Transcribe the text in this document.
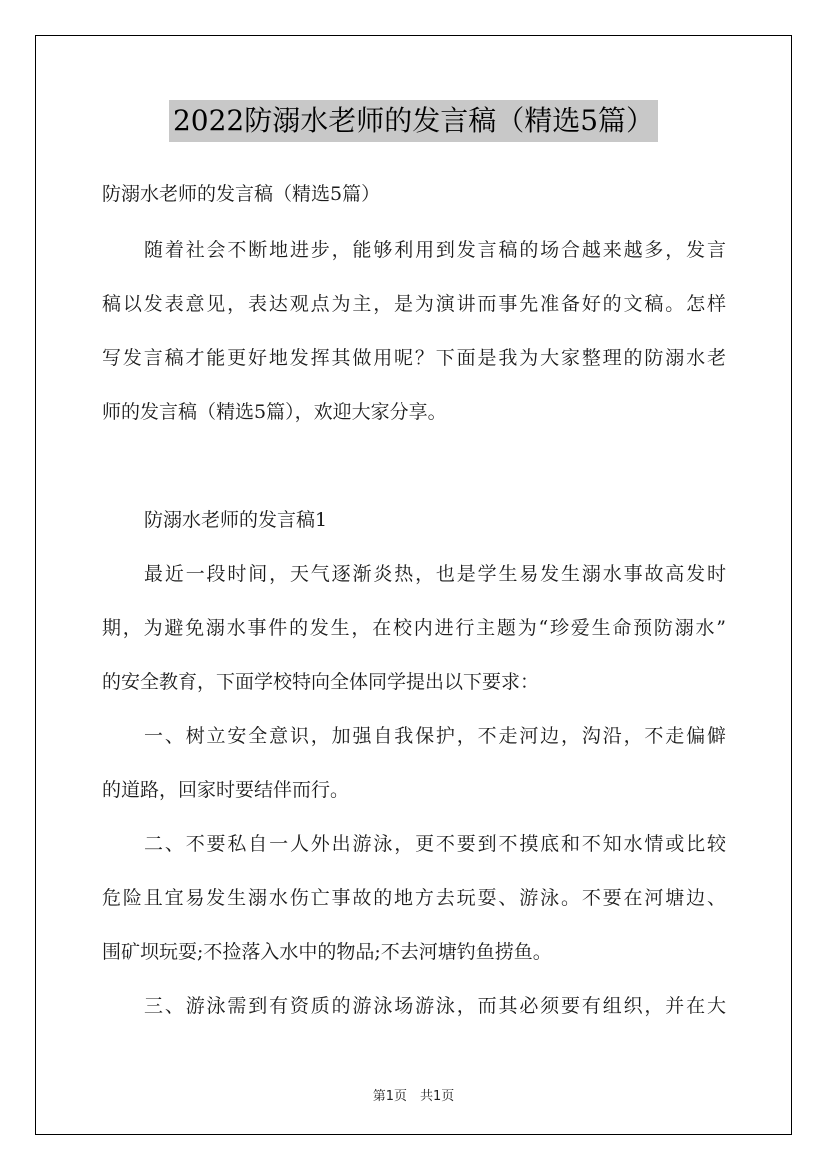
2022防溺水老师的发言稿（精选5篇）
防溺水老师的发言稿（精选5篇）
随着社会不断地进步，能够利用到发言稿的场合越来越多，发言
稿以发表意见，表达观点为主，是为演讲而事先准备好的文稿。怎样
写发言稿才能更好地发挥其做用呢？下面是我为大家整理的防溺水老
师的发言稿（精选5篇），欢迎大家分享。
防溺水老师的发言稿1
最近一段时间，天气逐渐炎热，也是学生易发生溺水事故高发时
期，为避免溺水事件的发生，在校内进行主题为“珍爱生命预防溺水”
的安全教育，下面学校特向全体同学提出以下要求：
一、树立安全意识，加强自我保护，不走河边，沟沿，不走偏僻
的道路，回家时要结伴而行。
二、不要私自一人外出游泳，更不要到不摸底和不知水情或比较
危险且宜易发生溺水伤亡事故的地方去玩耍、游泳。不要在河塘边、
围矿坝玩耍;不捡落入水中的物品;不去河塘钓鱼捞鱼。
三、游泳需到有资质的游泳场游泳，而其必须要有组织，并在大
第1页　共1页
